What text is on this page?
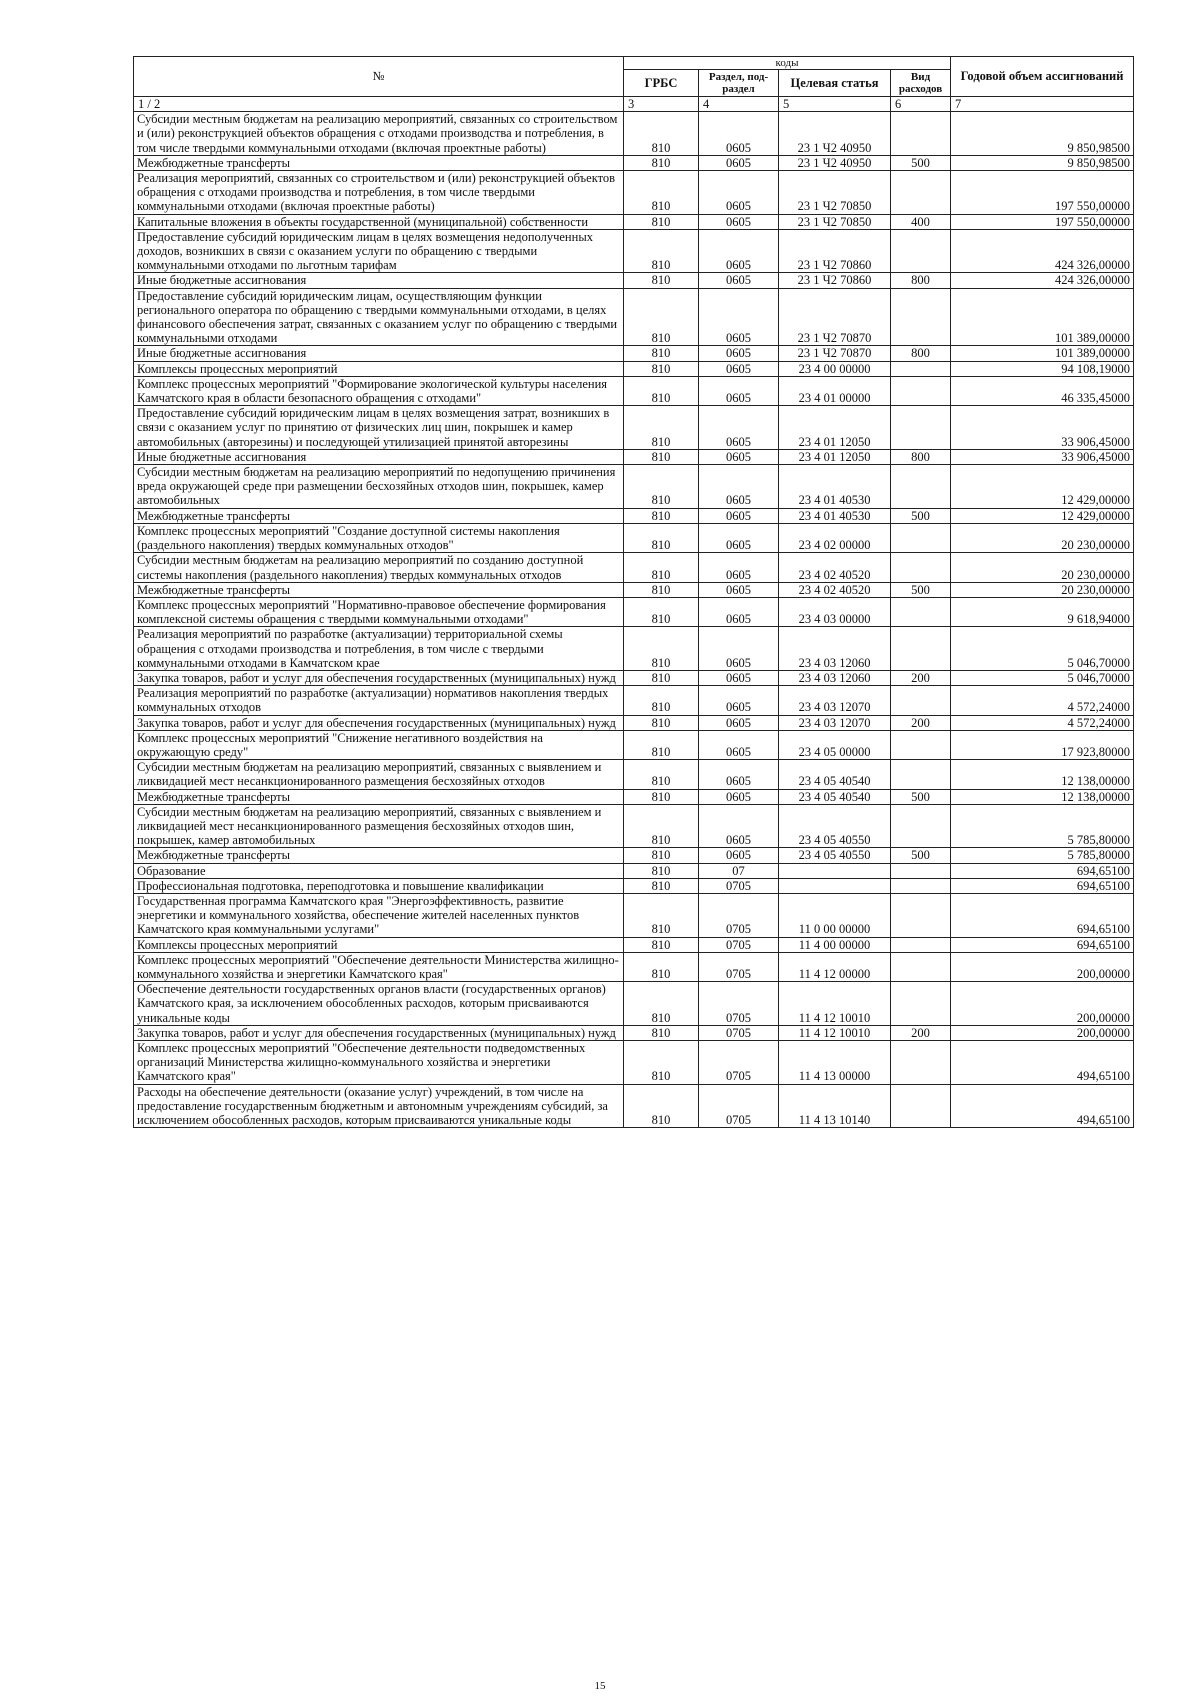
№	коды				Годовой объем ассигнований
	ГРБС	Раздел, под-раздел	Целевая статья	Вид расходов	
1 / 2	3	4	5	6	7
Субсидии местным бюджетам на реализацию мероприятий, связанных со строительством и (или) реконструкцией объектов обращения с отходами производства и потребления, в том числе твердыми коммунальными отходами (включая проектные работы)	810	0605	23 1 Ч2 40950		9 850,98500
Межбюджетные трансферты	810	0605	23 1 Ч2 40950	500	9 850,98500
Реализация мероприятий, связанных со строительством и (или) реконструкцией объектов обращения с отходами производства и потребления, в том числе твердыми коммунальными отходами (включая проектные работы)	810	0605	23 1 Ч2 70850		197 550,00000
Капитальные вложения в объекты государственной (муниципальной) собственности	810	0605	23 1 Ч2 70850	400	197 550,00000
Предоставление субсидий юридическим лицам в целях возмещения недополученных доходов, возникших в связи с оказанием услуги по обращению с твердыми коммунальными отходами по льготным тарифам	810	0605	23 1 Ч2 70860		424 326,00000
Иные бюджетные ассигнования	810	0605	23 1 Ч2 70860	800	424 326,00000
Предоставление субсидий юридическим лицам, осуществляющим функции регионального оператора по обращению с твердыми коммунальными отходами, в целях финансового обеспечения затрат, связанных с оказанием услуг по обращению с твердыми коммунальными отходами	810	0605	23 1 Ч2 70870		101 389,00000
Иные бюджетные ассигнования	810	0605	23 1 Ч2 70870	800	101 389,00000
Комплексы процессных мероприятий	810	0605	23 4 00 00000		94 108,19000
Комплекс процессных мероприятий "Формирование экологической культуры населения Камчатского края в области безопасного обращения с отходами"	810	0605	23 4 01 00000		46 335,45000
Предоставление субсидий юридическим лицам в целях возмещения затрат, возникших в связи с оказанием услуг по принятию от физических лиц шин, покрышек и камер автомобильных (авторезины) и последующей утилизацией принятой авторезины	810	0605	23 4 01 12050		33 906,45000
Иные бюджетные ассигнования	810	0605	23 4 01 12050	800	33 906,45000
Субсидии местным бюджетам на реализацию мероприятий по недопущению причинения вреда окружающей среде при размещении бесхозяйных отходов шин, покрышек, камер автомобильных	810	0605	23 4 01 40530		12 429,00000
Межбюджетные трансферты	810	0605	23 4 01 40530	500	12 429,00000
Комплекс процессных мероприятий "Создание доступной системы накопления (раздельного накопления) твердых коммунальных отходов"	810	0605	23 4 02 00000		20 230,00000
Субсидии местным бюджетам на реализацию мероприятий по созданию доступной системы накопления (раздельного накопления) твердых коммунальных отходов	810	0605	23 4 02 40520		20 230,00000
Межбюджетные трансферты	810	0605	23 4 02 40520	500	20 230,00000
Комплекс процессных мероприятий "Нормативно-правовое обеспечение формирования комплексной системы обращения с твердыми коммунальными отходами"	810	0605	23 4 03 00000		9 618,94000
Реализация мероприятий по разработке (актуализации) территориальной схемы обращения с отходами производства и потребления, в том числе с твердыми коммунальными отходами в Камчатском крае	810	0605	23 4 03 12060		5 046,70000
Закупка товаров, работ и услуг для обеспечения государственных (муниципальных) нужд	810	0605	23 4 03 12060	200	5 046,70000
Реализация мероприятий по разработке (актуализации) нормативов накопления твердых коммунальных отходов	810	0605	23 4 03 12070		4 572,24000
Закупка товаров, работ и услуг для обеспечения государственных (муниципальных) нужд	810	0605	23 4 03 12070	200	4 572,24000
Комплекс процессных мероприятий "Снижение негативного воздействия на окружающую среду"	810	0605	23 4 05 00000		17 923,80000
Субсидии местным бюджетам на реализацию мероприятий, связанных с выявлением и ликвидацией мест несанкционированного размещения бесхозяйных отходов	810	0605	23 4 05 40540		12 138,00000
Межбюджетные трансферты	810	0605	23 4 05 40540	500	12 138,00000
Субсидии местным бюджетам на реализацию мероприятий, связанных с выявлением и ликвидацией мест несанкционированного размещения бесхозяйных отходов шин, покрышек, камер автомобильных	810	0605	23 4 05 40550		5 785,80000
Межбюджетные трансферты	810	0605	23 4 05 40550	500	5 785,80000
Образование	810	07			694,65100
Профессиональная подготовка, переподготовка и повышение квалификации	810	0705			694,65100
Государственная программа Камчатского края "Энергоэффективность, развитие энергетики и коммунального хозяйства, обеспечение жителей населенных пунктов Камчатского края коммунальными услугами"	810	0705	11 0 00 00000		694,65100
Комплексы процессных мероприятий	810	0705	11 4 00 00000		694,65100
Комплекс процессных мероприятий "Обеспечение деятельности Министерства жилищно-коммунального хозяйства и энергетики Камчатского края"	810	0705	11 4 12 00000		200,00000
Обеспечение деятельности государственных органов власти (государственных органов) Камчатского края, за исключением обособленных расходов, которым присваиваются уникальные коды	810	0705	11 4 12 10010		200,00000
Закупка товаров, работ и услуг для обеспечения государственных (муниципальных) нужд	810	0705	11 4 12 10010	200	200,00000
Комплекс процессных мероприятий "Обеспечение деятельности подведомственных организаций Министерства жилищно-коммунального хозяйства и энергетики Камчатского края"	810	0705	11 4 13 00000		494,65100
Расходы на обеспечение деятельности (оказание услуг) учреждений, в том числе на предоставление государственным бюджетным и автономным учреждениям субсидий, за исключением обособленных расходов, которым присваиваются уникальные коды	810	0705	11 4 13 10140		494,65100
15
